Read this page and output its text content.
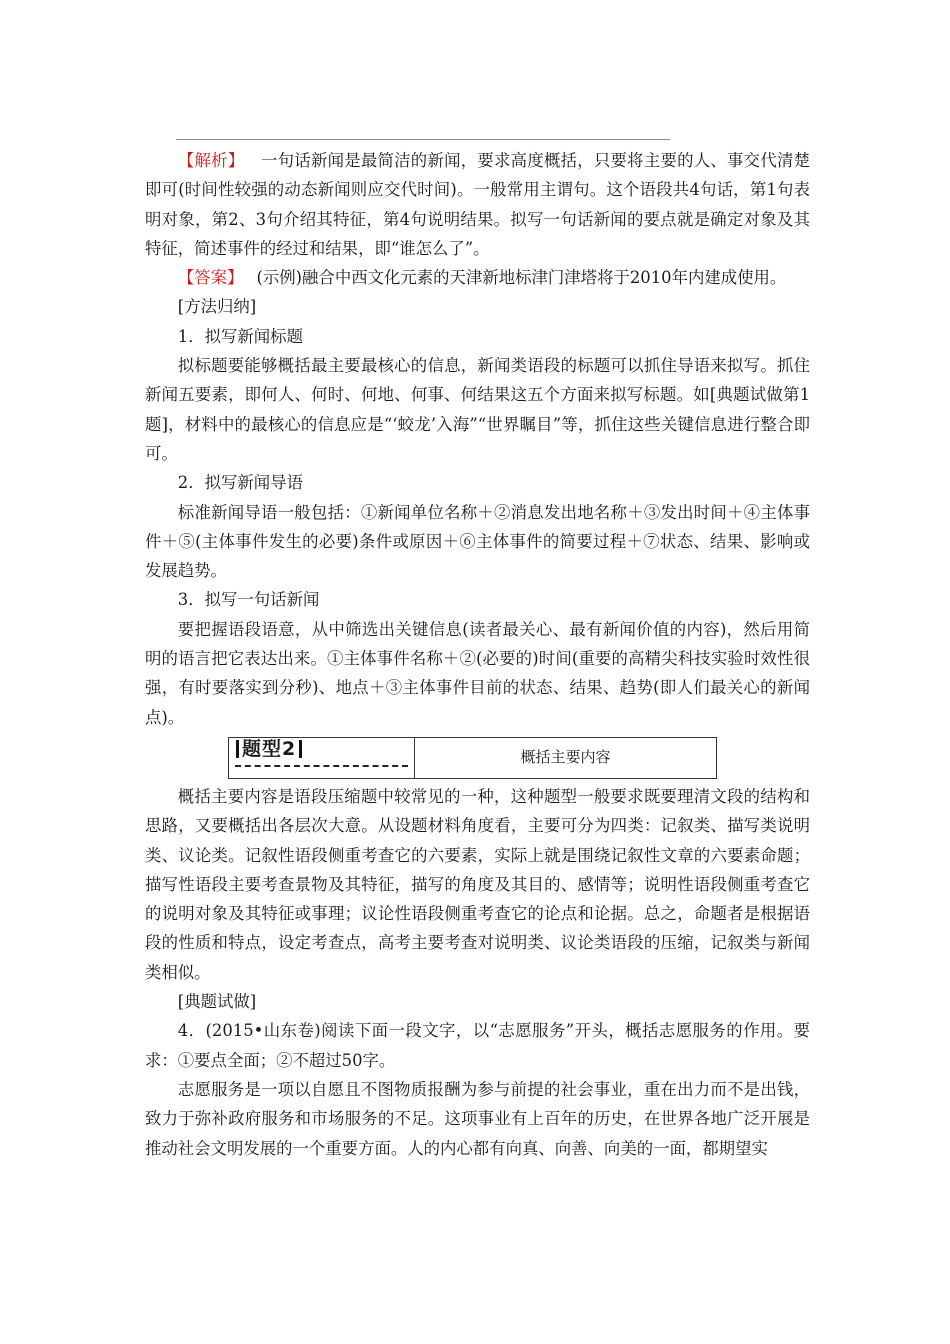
【解析】 一句话新闻是最简洁的新闻，要求高度概括，只要将主要的人、事交代清楚即可(时间性较强的动态新闻则应交代时间)。一般常用主谓句。这个语段共4句话，第1句表明对象，第2、3句介绍其特征，第4句说明结果。拟写一句话新闻的要点就是确定对象及其特征，简述事件的经过和结果，即“谁怎么了”。

【答案】 (示例)融合中西文化元素的天津新地标津门津塔将于2010年内建成使用。

[方法归纳]

1．拟写新闻标题

拟标题要能够概括最主要最核心的信息，新闻类语段的标题可以抓住导语来拟写。抓住新闻五要素，即何人、何时、何地、何事、何结果这五个方面来拟写标题。如[典题试做第1题]，材料中的最核心的信息应是“‘蛟龙’入海”“世界瞩目”等，抓住这些关键信息进行整合即可。

2．拟写新闻导语

标准新闻导语一般包括：①新闻单位名称＋②消息发出地名称＋③发出时间＋④主体事件＋⑤(主体事件发生的必要)条件或原因＋⑥主体事件的简要过程＋⑦状态、结果、影响或发展趋势。

3．拟写一句话新闻

要把握语段语意，从中筛选出关键信息(读者最关心、最有新闻价值的内容)，然后用简明的语言把它表达出来。①主体事件名称＋②(必要的)时间(重要的高精尖科技实验时效性很强，有时要落实到分秒)、地点＋③主体事件目前的状态、结果、趋势(即人们最关心的新闻点)。

题型2	概括主要内容

概括主要内容是语段压缩题中较常见的一种，这种题型一般要求既要理清文段的结构和思路，又要概括出各层次大意。从设题材料角度看，主要可分为四类：记叙类、描写类说明类、议论类。记叙性语段侧重考查它的六要素，实际上就是围绕记叙性文章的六要素命题；描写性语段主要考查景物及其特征，描写的角度及其目的、感情等；说明性语段侧重考查它的说明对象及其特征或事理；议论性语段侧重考查它的论点和论据。总之，命题者是根据语段的性质和特点，设定考查点，高考主要考查对说明类、议论类语段的压缩，记叙类与新闻类相似。

[典题试做]

4．(2015•山东卷)阅读下面一段文字，以“志愿服务”开头，概括志愿服务的作用。要求：①要点全面；②不超过50字。

志愿服务是一项以自愿且不图物质报酬为参与前提的社会事业，重在出力而不是出钱，致力于弥补政府服务和市场服务的不足。这项事业有上百年的历史，在世界各地广泛开展是推动社会文明发展的一个重要方面。人的内心都有向真、向善、向美的一面，都期望实
